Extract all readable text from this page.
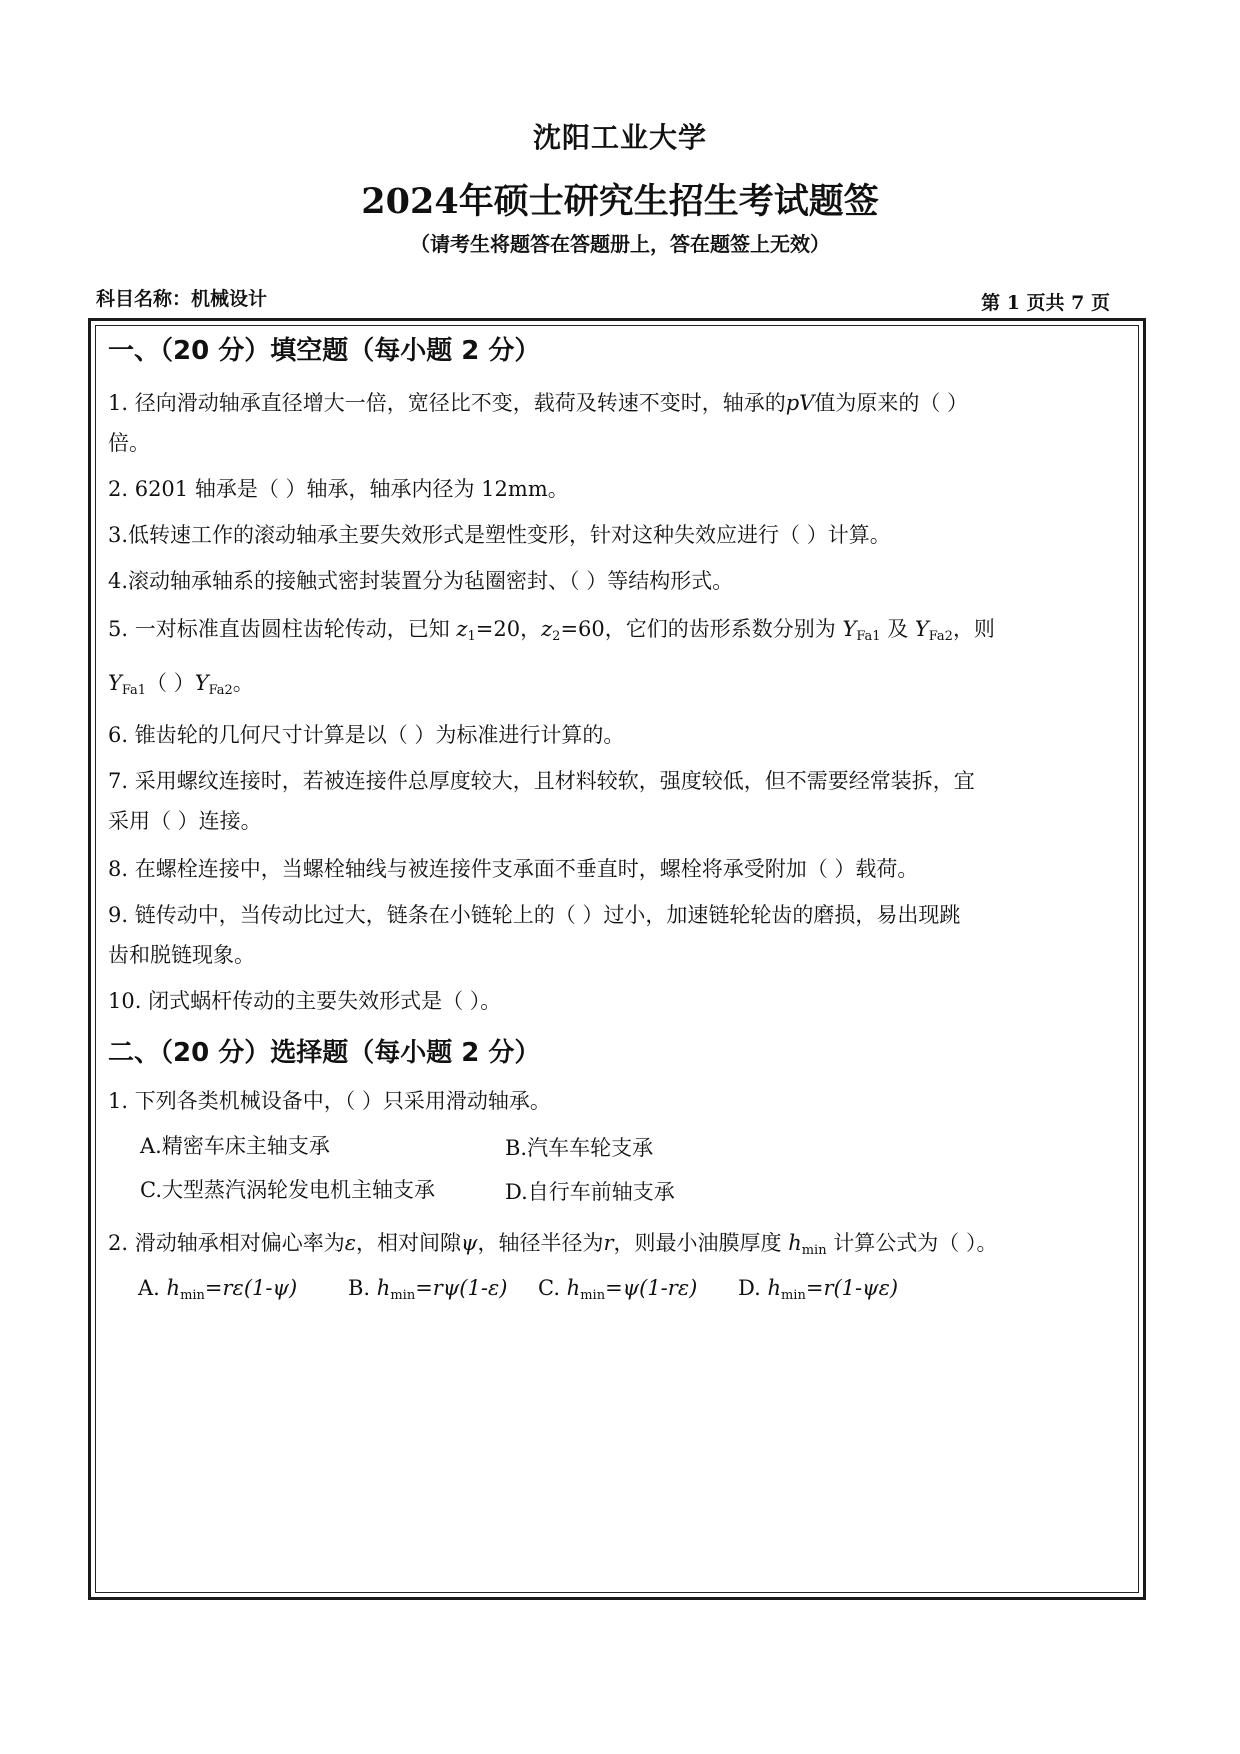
沈阳工业大学
2024年硕士研究生招生考试题签
（请考生将题答在答题册上，答在题签上无效）
科目名称：机械设计	第 1 页共 7 页
一、（20 分）填空题（每小题 2 分）
1. 径向滑动轴承直径增大一倍，宽径比不变，载荷及转速不变时，轴承的pV值为原来的（ ）
倍。
2. 6201 轴承是（ ）轴承，轴承内径为 12mm。
3.低转速工作的滚动轴承主要失效形式是塑性变形，针对这种失效应进行（ ）计算。
4.滚动轴承轴系的接触式密封装置分为毡圈密封、（ ）等结构形式。
5. 一对标准直齿圆柱齿轮传动，已知 $z_1=20$，$z_2=60$，它们的齿形系数分别为 $Y_{Fa1}$ 及 $Y_{Fa2}$，则
$Y_{Fa1}$（ ）$Y_{Fa2}$。
6. 锥齿轮的几何尺寸计算是以（ ）为标准进行计算的。
7. 采用螺纹连接时，若被连接件总厚度较大，且材料较软，强度较低，但不需要经常装拆，宜
采用（ ）连接。
8. 在螺栓连接中，当螺栓轴线与被连接件支承面不垂直时，螺栓将承受附加（ ）载荷。
9. 链传动中，当传动比过大，链条在小链轮上的（ ）过小，加速链轮轮齿的磨损，易出现跳
齿和脱链现象。
10. 闭式蜗杆传动的主要失效形式是（ ）。
二、（20 分）选择题（每小题 2 分）
1. 下列各类机械设备中，（ ）只采用滑动轴承。
A.精密车床主轴支承	B.汽车车轮支承
C.大型蒸汽涡轮发电机主轴支承	D.自行车前轴支承
2. 滑动轴承相对偏心率为ε，相对间隙ψ，轴径半径为r，则最小油膜厚度 $h_{min}$ 计算公式为（ ）。
A. $h_{min}=r\varepsilon(1-\psi)$ B. $h_{min}=r\psi(1-\varepsilon)$ C. $h_{min}=\psi(1-r\varepsilon)$ D. $h_{min}=r(1-\psi\varepsilon)$
